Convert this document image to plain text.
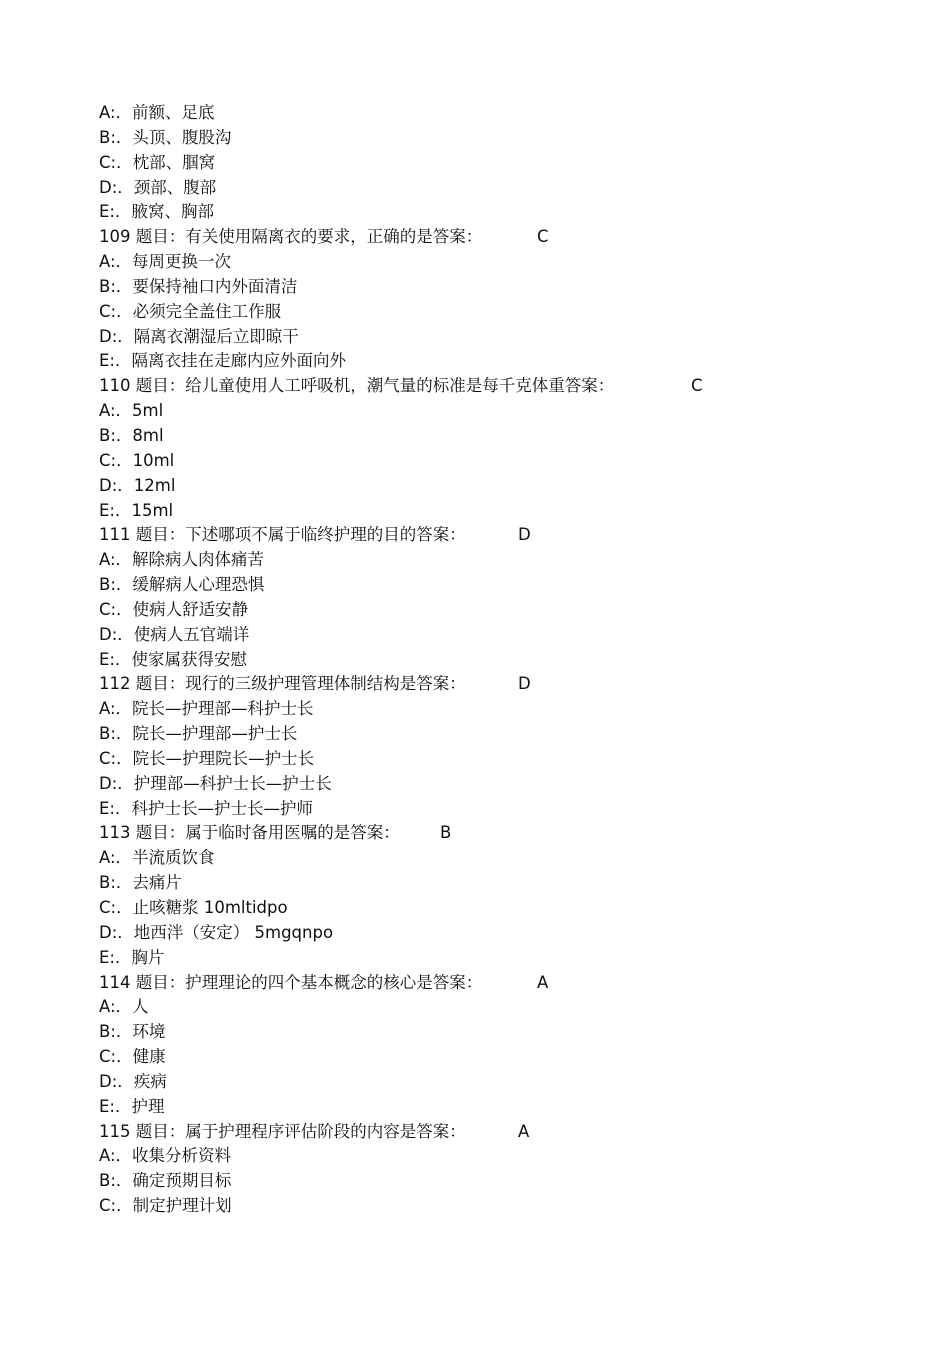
A:．前额、足底
B:．头顶、腹股沟
C:．枕部、腘窝
D:．颈部、腹部
E:．腋窝、胸部
109 题目：有关使用隔离衣的要求，正确的是答案：	C
A:．每周更换一次
B:．要保持袖口内外面清洁
C:．必须完全盖住工作服
D:．隔离衣潮湿后立即晾干
E:．隔离衣挂在走廊内应外面向外
110 题目：给儿童使用人工呼吸机，潮气量的标准是每千克体重答案：	C
A:．5ml
B:．8ml
C:．10ml
D:．12ml
E:．15ml
111 题目：下述哪项不属于临终护理的目的答案：	D
A:．解除病人肉体痛苦
B:．缓解病人心理恐惧
C:．使病人舒适安静
D:．使病人五官端详
E:．使家属获得安慰
112 题目：现行的三级护理管理体制结构是答案：	D
A:．院长—护理部—科护士长
B:．院长—护理部—护士长
C:．院长—护理院长—护士长
D:．护理部—科护士长—护士长
E:．科护士长—护士长—护师
113 题目：属于临时备用医嘱的是答案： B
A:．半流质饮食
B:．去痛片
C:．止咳糖浆 10mltidpo
D:．地西泮（安定） 5mgqnpo
E:．胸片
114 题目：护理理论的四个基本概念的核心是答案：	A
A:．人
B:．环境
C:．健康
D:．疾病
E:．护理
115 题目：属于护理程序评估阶段的内容是答案：	A
A:．收集分析资料
B:．确定预期目标
C:．制定护理计划
